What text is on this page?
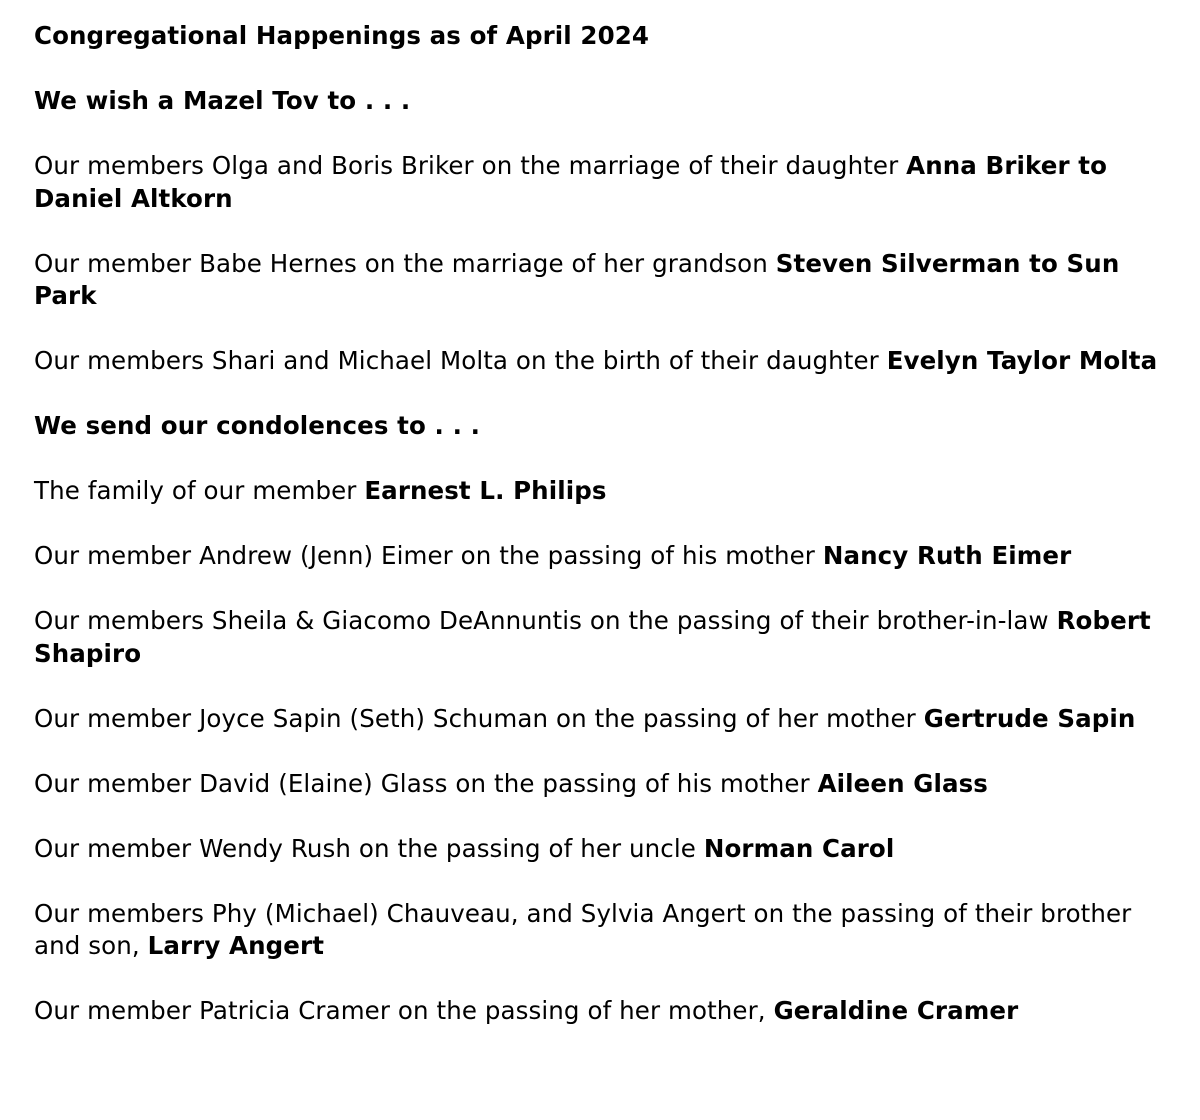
Congregational Happenings as of April 2024

We wish a Mazel Tov to . . .

Our members Olga and Boris Briker on the marriage of their daughter Anna Briker to Daniel Altkorn

Our member Babe Hernes on the marriage of her grandson Steven Silverman to Sun Park

Our members Shari and Michael Molta on the birth of their daughter Evelyn Taylor Molta

We send our condolences to . . .

The family of our member Earnest L. Philips

Our member Andrew (Jenn) Eimer on the passing of his mother Nancy Ruth Eimer

Our members Sheila & Giacomo DeAnnuntis on the passing of their brother-in-law Robert Shapiro

Our member Joyce Sapin (Seth) Schuman on the passing of her mother Gertrude Sapin

Our member David (Elaine) Glass on the passing of his mother Aileen Glass

Our member Wendy Rush on the passing of her uncle Norman Carol

Our members Phy (Michael) Chauveau, and Sylvia Angert on the passing of their brother and son, Larry Angert

Our member Patricia Cramer on the passing of her mother, Geraldine Cramer
